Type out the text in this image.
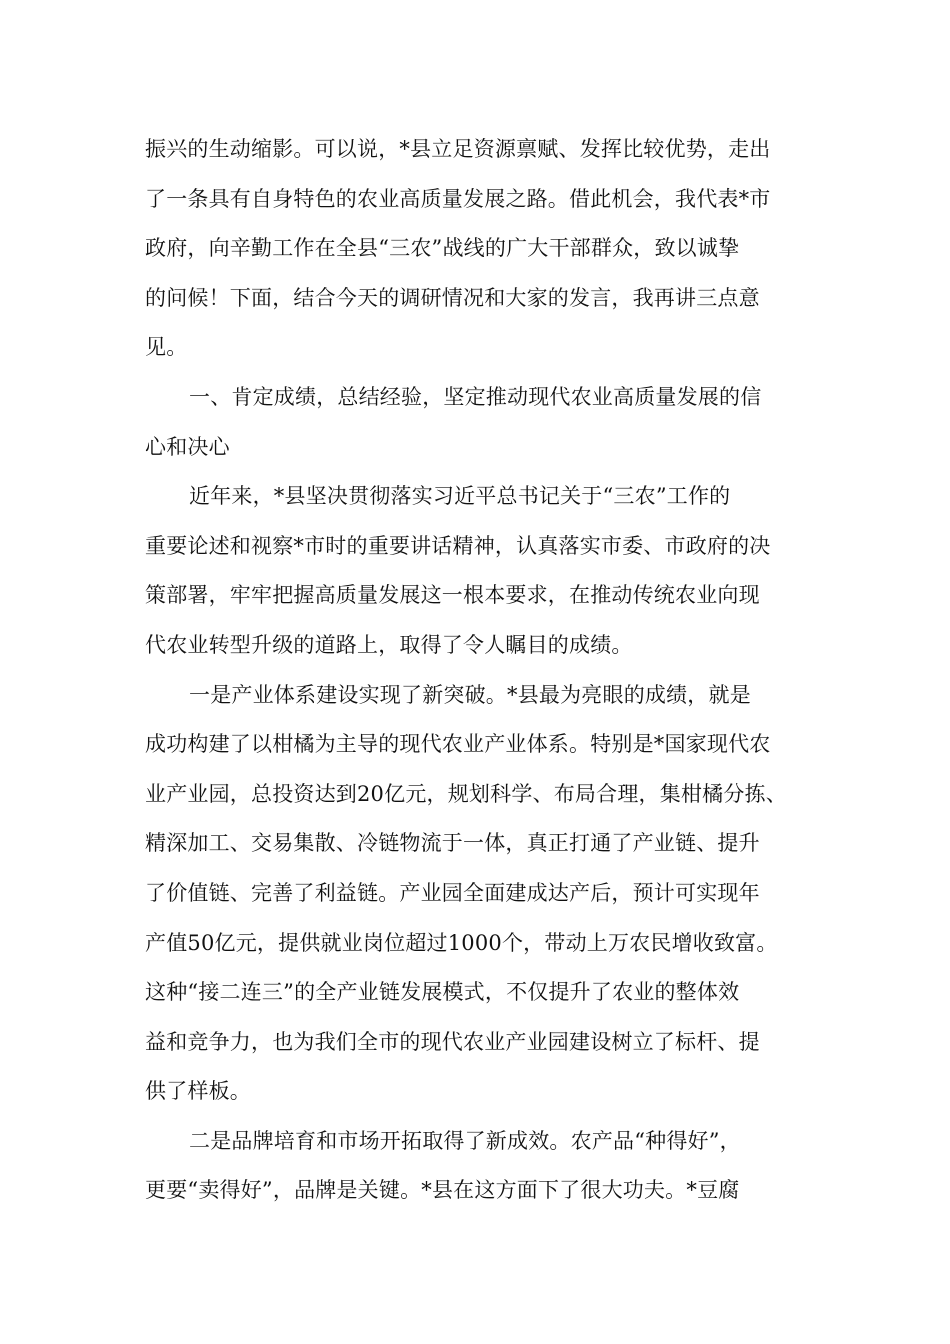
振兴的生动缩影。可以说，*县立足资源禀赋、发挥比较优势，走出
了一条具有自身特色的农业高质量发展之路。借此机会，我代表*市
政府，向辛勤工作在全县“三农”战线的广大干部群众，致以诚挚
的问候！下面，结合今天的调研情况和大家的发言，我再讲三点意
见。

一、肯定成绩，总结经验，坚定推动现代农业高质量发展的信
心和决心

近年来，*县坚决贯彻落实习近平总书记关于“三农”工作的
重要论述和视察*市时的重要讲话精神，认真落实市委、市政府的决
策部署，牢牢把握高质量发展这一根本要求，在推动传统农业向现
代农业转型升级的道路上，取得了令人瞩目的成绩。

一是产业体系建设实现了新突破。*县最为亮眼的成绩，就是
成功构建了以柑橘为主导的现代农业产业体系。特别是*国家现代农
业产业园，总投资达到20亿元，规划科学、布局合理，集柑橘分拣、
精深加工、交易集散、冷链物流于一体，真正打通了产业链、提升
了价值链、完善了利益链。产业园全面建成达产后，预计可实现年
产值50亿元，提供就业岗位超过1000个，带动上万农民增收致富。
这种“接二连三”的全产业链发展模式，不仅提升了农业的整体效
益和竞争力，也为我们全市的现代农业产业园建设树立了标杆、提
供了样板。

二是品牌培育和市场开拓取得了新成效。农产品“种得好”，
更要“卖得好”，品牌是关键。*县在这方面下了很大功夫。*豆腐
